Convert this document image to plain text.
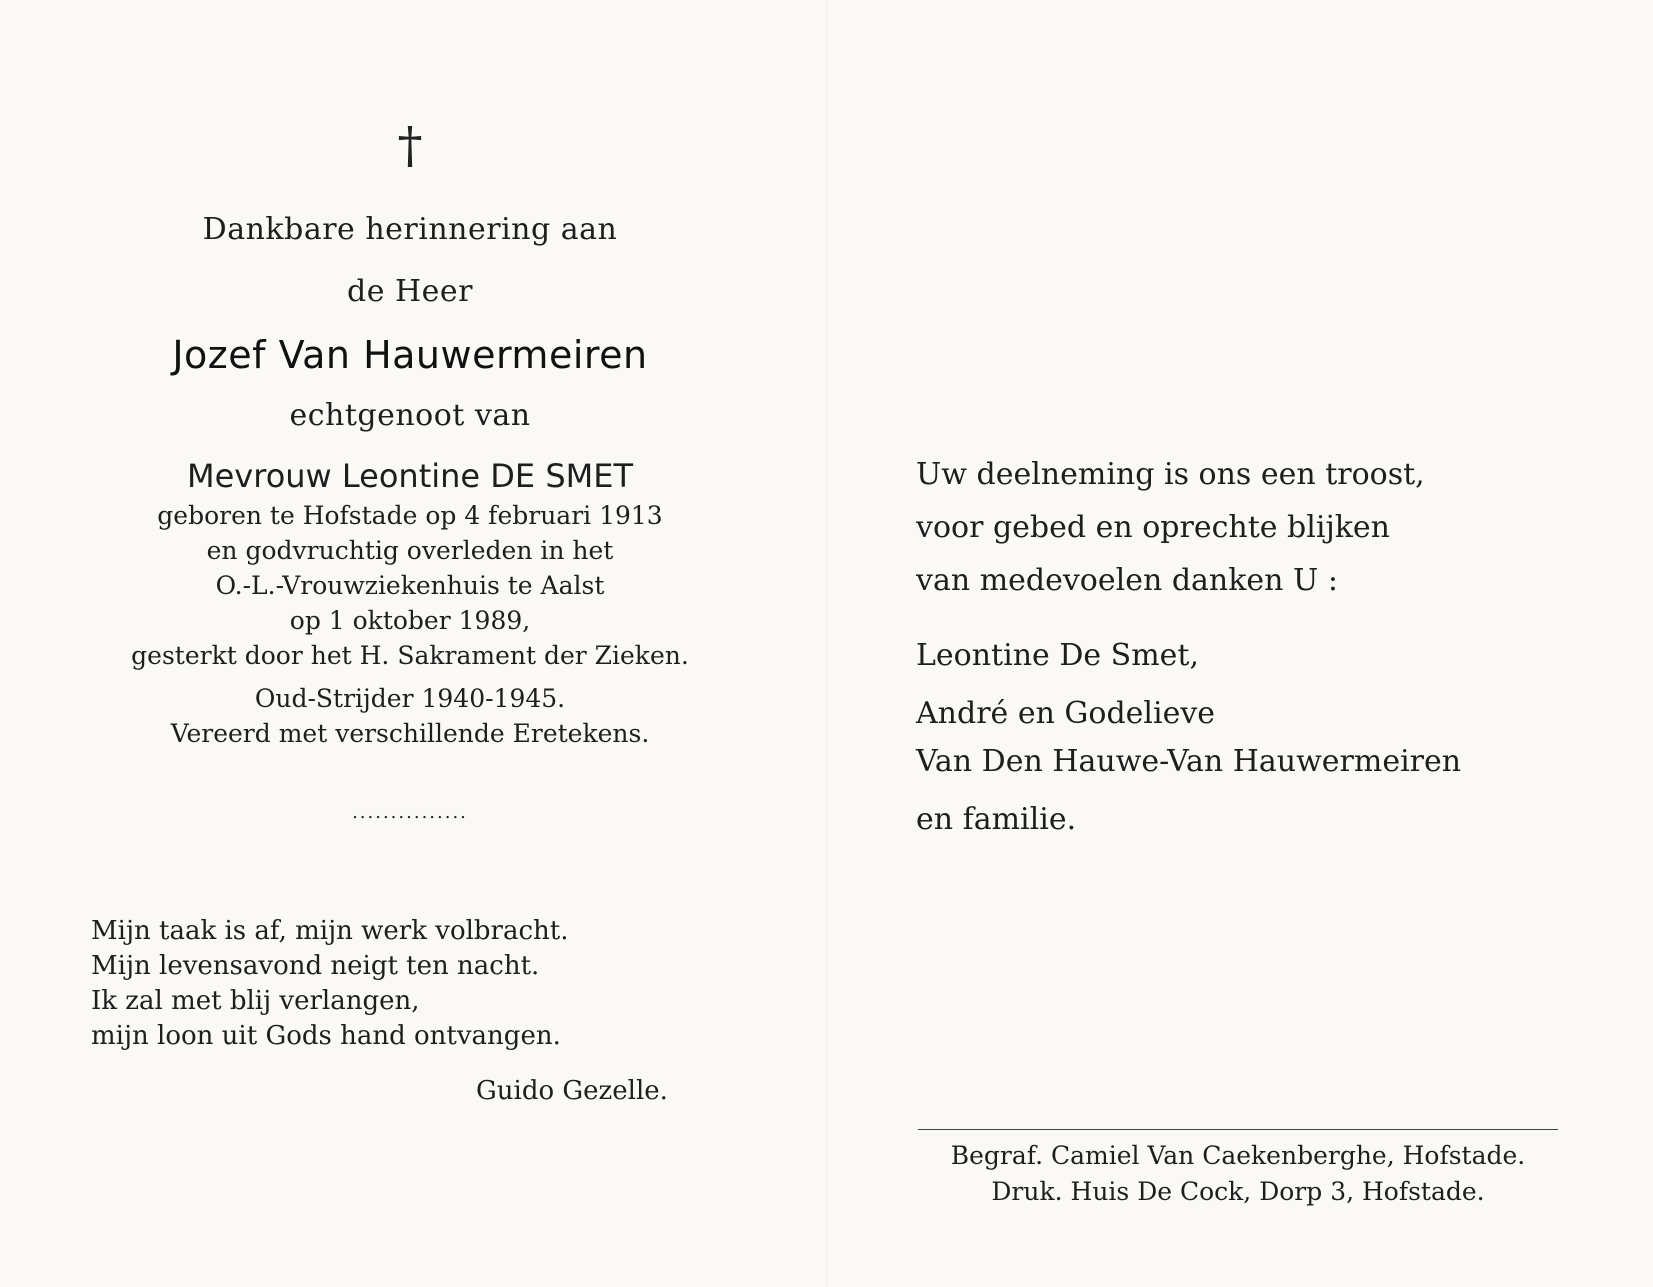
†
Dankbare herinnering aan
de Heer
Jozef Van Hauwermeiren
echtgenoot van
Mevrouw Leontine DE SMET
geboren te Hofstade op 4 februari 1913
en godvruchtig overleden in het
O.-L.-Vrouwziekenhuis te Aalst
op 1 oktober 1989,
gesterkt door het H. Sakrament der Zieken.
Oud-Strijder 1940-1945.
Vereerd met verschillende Eretekens.
...............
Mijn taak is af, mijn werk volbracht.
Mijn levensavond neigt ten nacht.
Ik zal met blij verlangen,
mijn loon uit Gods hand ontvangen.
Guido Gezelle.
Uw deelneming is ons een troost,
voor gebed en oprechte blijken
van medevoelen danken U :
Leontine De Smet,
André en Godelieve
Van Den Hauwe-Van Hauwermeiren
en familie.
Begraf. Camiel Van Caekenberghe, Hofstade.
Druk. Huis De Cock, Dorp 3, Hofstade.
